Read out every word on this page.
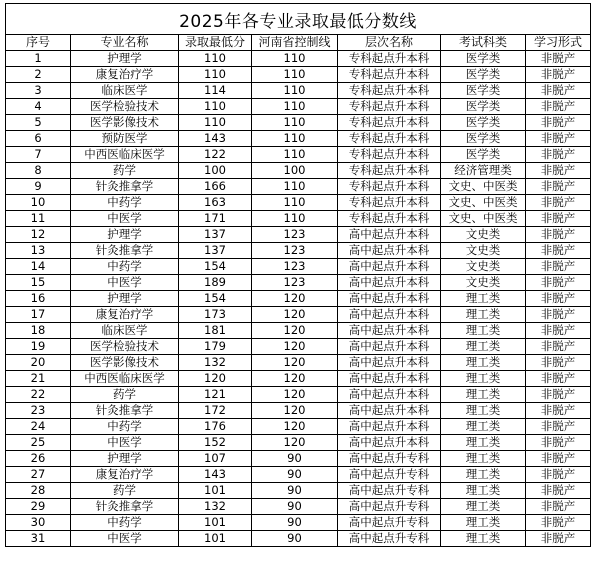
2025年各专业录取最低分数线						
序号	专业名称	录取最低分	河南省控制线	层次名称	考试科类	学习形式
1	护理学	110	110	专科起点升本科	医学类	非脱产
2	康复治疗学	110	110	专科起点升本科	医学类	非脱产
3	临床医学	114	110	专科起点升本科	医学类	非脱产
4	医学检验技术	110	110	专科起点升本科	医学类	非脱产
5	医学影像技术	110	110	专科起点升本科	医学类	非脱产
6	预防医学	143	110	专科起点升本科	医学类	非脱产
7	中西医临床医学	122	110	专科起点升本科	医学类	非脱产
8	药学	100	100	专科起点升本科	经济管理类	非脱产
9	针灸推拿学	166	110	专科起点升本科	文史、中医类	非脱产
10	中药学	163	110	专科起点升本科	文史、中医类	非脱产
11	中医学	171	110	专科起点升本科	文史、中医类	非脱产
12	护理学	137	123	高中起点升本科	文史类	非脱产
13	针灸推拿学	137	123	高中起点升本科	文史类	非脱产
14	中药学	154	123	高中起点升本科	文史类	非脱产
15	中医学	189	123	高中起点升本科	文史类	非脱产
16	护理学	154	120	高中起点升本科	理工类	非脱产
17	康复治疗学	173	120	高中起点升本科	理工类	非脱产
18	临床医学	181	120	高中起点升本科	理工类	非脱产
19	医学检验技术	179	120	高中起点升本科	理工类	非脱产
20	医学影像技术	132	120	高中起点升本科	理工类	非脱产
21	中西医临床医学	120	120	高中起点升本科	理工类	非脱产
22	药学	121	120	高中起点升本科	理工类	非脱产
23	针灸推拿学	172	120	高中起点升本科	理工类	非脱产
24	中药学	176	120	高中起点升本科	理工类	非脱产
25	中医学	152	120	高中起点升本科	理工类	非脱产
26	护理学	107	90	高中起点升专科	理工类	非脱产
27	康复治疗学	143	90	高中起点升专科	理工类	非脱产
28	药学	101	90	高中起点升专科	理工类	非脱产
29	针灸推拿学	132	90	高中起点升专科	理工类	非脱产
30	中药学	101	90	高中起点升专科	理工类	非脱产
31	中医学	101	90	高中起点升专科	理工类	非脱产
